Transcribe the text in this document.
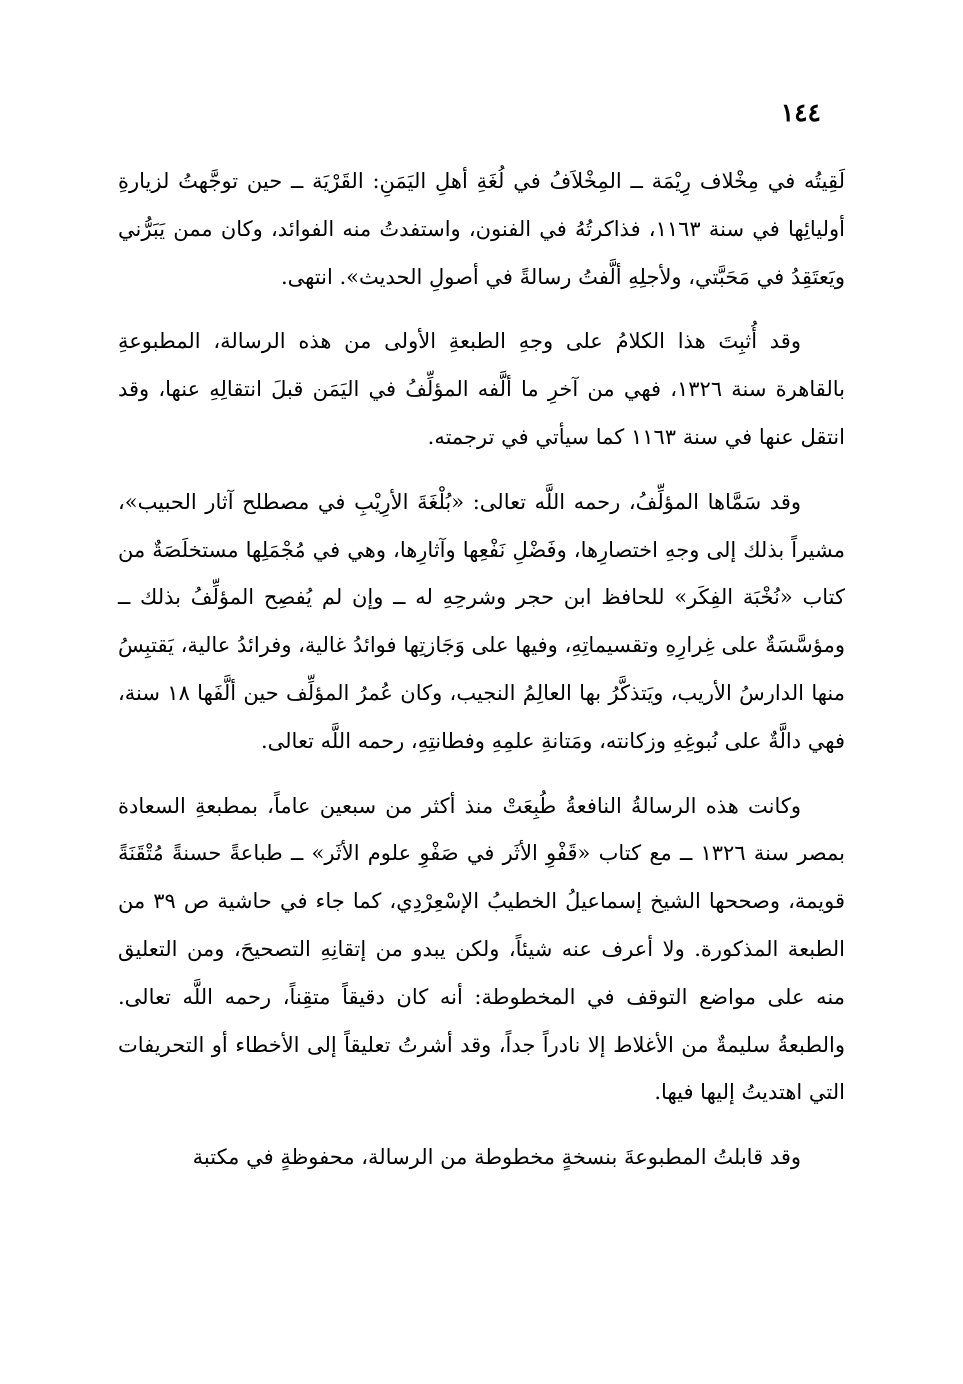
١٤٤

لَقِيتُه في مِخْلاف رِيْمَة ــ المِخْلاَفُ في لُغَةِ أهلِ اليَمَنِ: القَرْيَة ــ حين توجَّهتُ لزيارةِ أوليائِها في سنة ١١٦٣، فذاكرتُهُ في الفنون، واستفدتُ منه الفوائد، وكان ممن يَبَرُّني ويَعتَقِدُ في مَحَبَّتي، ولأجلِهِ ألَّفتُ رسالةً في أصولِ الحديث». انتهى.

وقد أُثبِتَ هذا الكلامُ على وجهِ الطبعةِ الأولى من هذه الرسالة، المطبوعةِ بالقاهرة سنة ١٣٢٦، فهي من آخرِ ما ألَّفه المؤلِّفُ في اليَمَن قبلَ انتقالِهِ عنها، وقد انتقل عنها في سنة ١١٦٣ كما سيأتي في ترجمته.

وقد سَمَّاها المؤلِّفُ، رحمه اللَّه تعالى: «بُلْغَةَ الأرِيْبِ في مصطلح آثار الحبيب»، مشيراً بذلك إلى وجهِ اختصارِها، وفَضْلِ نَفْعِها وآثارِها، وهي في مُجْمَلِها مستخلَصَةٌ من كتاب «نُخْبَة الفِكَر» للحافظ ابن حجر وشرحِهِ له ــ وإن لم يُفصِح المؤلِّفُ بذلك ــ ومؤسَّسَةٌ على غِرارِهِ وتقسيماتِهِ، وفيها على وَجَازتِها فوائدُ غالية، وفرائدُ عالية، يَقتبِسُ منها الدارسُ الأريب، ويَتذكَّرُ بها العالِمُ النجيب، وكان عُمرُ المؤلِّف حين ألَّفَها ١٨ سنة، فهي دالَّةٌ على نُبوغِهِ وزكانته، ومَتانةِ علمِهِ وفطانتِهِ، رحمه اللَّه تعالى.

وكانت هذه الرسالةُ النافعةُ طُبِعَتْ منذ أكثر من سبعين عاماً، بمطبعةِ السعادة بمصر سنة ١٣٢٦ ــ مع كتاب «قَفْوِ الأثَر في صَفْوِ علوم الأثَر» ــ طباعةً حسنةً مُتْقَنَةً قويمة، وصححها الشيخ إسماعيلُ الخطيبُ الإسْعِرْدِي، كما جاء في حاشية ص ٣٩ من الطبعة المذكورة. ولا أعرف عنه شيئاً، ولكن يبدو من إتقانِهِ التصحيحَ، ومن التعليق منه على مواضع التوقف في المخطوطة: أنه كان دقيقاً متقِناً، رحمه اللَّه تعالى. والطبعةُ سليمةٌ من الأغلاط إلا نادراً جداً، وقد أشرتُ تعليقاً إلى الأخطاء أو التحريفات التي اهتديتُ إليها فيها.

وقد قابلتُ المطبوعةَ بنسخةٍ مخطوطة من الرسالة، محفوظةٍ في مكتبة
